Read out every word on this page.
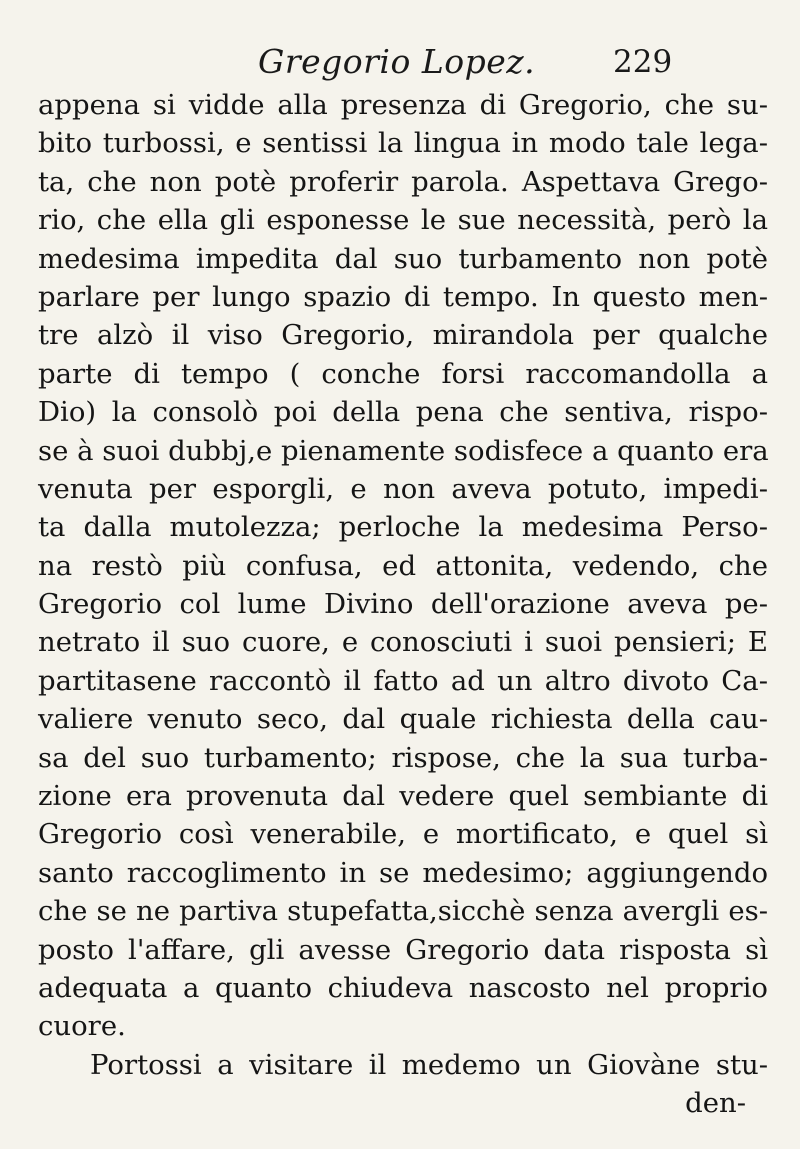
Gregorio Lopez.	229
appena si vidde alla presenza di Gregorio, che su-
bito turbossi, e sentissi la lingua in modo tale lega-
ta, che non potè proferir parola. Aspettava Grego-
rio, che ella gli esponesse le sue necessità, però la
medesima impedita dal suo turbamento non potè
parlare per lungo spazio di tempo. In questo men-
tre alzò il viso Gregorio, mirandola per qualche
parte di tempo ( conche forsi raccomandolla a
Dio) la consolò poi della pena che sentiva, rispo-
se à suoi dubbj,e pienamente sodisfece a quanto era
venuta per esporgli, e non aveva potuto, impedi-
ta dalla mutolezza; perloche la medesima Perso-
na restò più confusa, ed attonita, vedendo, che
Gregorio col lume Divino dell'orazione aveva pe-
netrato il suo cuore, e conosciuti i suoi pensieri; E
partitasene raccontò il fatto ad un altro divoto Ca-
valiere venuto seco, dal quale richiesta della cau-
sa del suo turbamento; rispose, che la sua turba-
zione era provenuta dal vedere quel sembiante di
Gregorio così venerabile, e mortificato, e quel sì
santo raccoglimento in se medesimo; aggiungendo
che se ne partiva stupefatta,sicchè senza avergli es-
posto l'affare, gli avesse Gregorio data risposta sì
adequata a quanto chiudeva nascosto nel proprio
cuore.
Portossi a visitare il medemo un Giovàne stu-
den-
